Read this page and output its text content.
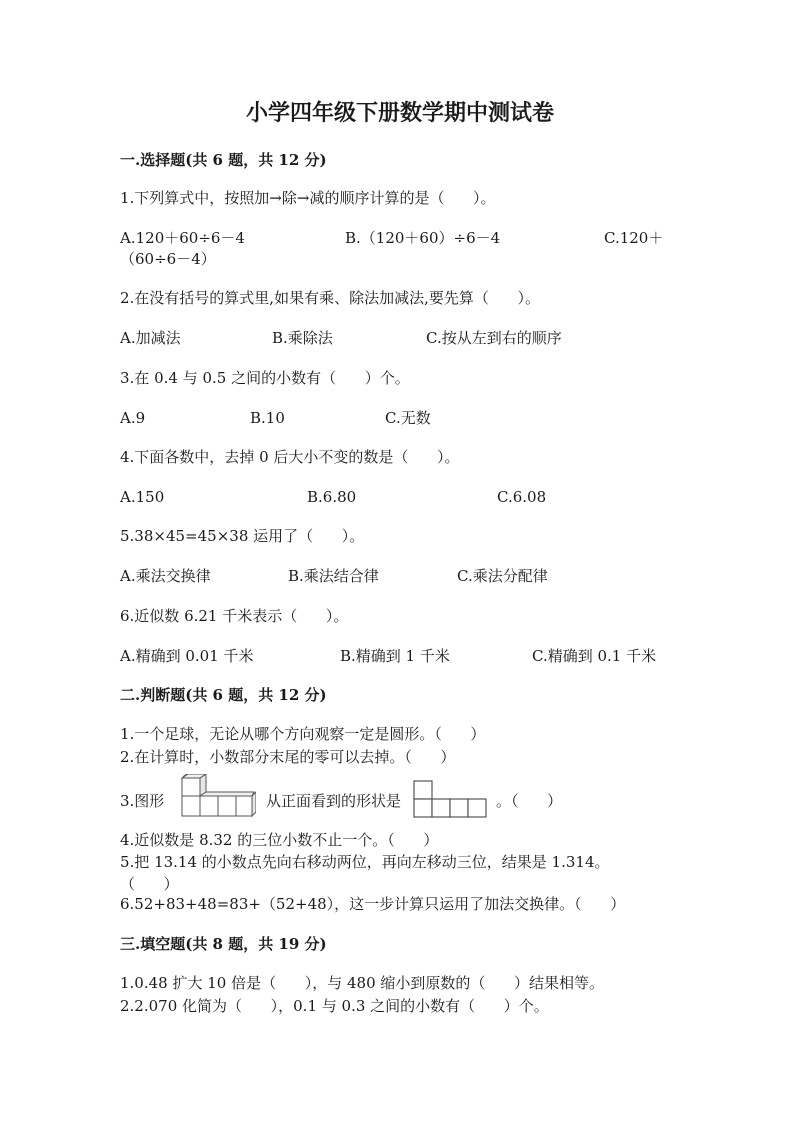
小学四年级下册数学期中测试卷
一.选择题(共 6 题，共 12 分)
1.下列算式中，按照加→除→减的顺序计算的是（      ）。
A.120＋60÷6－4	B.（120＋60）÷6－4	C.120＋
（60÷6－4）
2.在没有括号的算式里,如果有乘、除法加减法,要先算（      ）。
A.加减法	B.乘除法	C.按从左到右的顺序
3.在 0.4 与 0.5 之间的小数有（      ）个。
A.9	B.10	C.无数
4.下面各数中，去掉 0 后大小不变的数是（      ）。
A.150	B.6.80	C.6.08
5.38×45=45×38 运用了（      ）。
A.乘法交换律	B.乘法结合律	C.乘法分配律
6.近似数 6.21 千米表示（      ）。
A.精确到 0.01 千米	B.精确到 1 千米	C.精确到 0.1 千米
二.判断题(共 6 题，共 12 分)
1.一个足球，无论从哪个方向观察一定是圆形。（      ）
2.在计算时，小数部分末尾的零可以去掉。（      ）
3.图形	从正面看到的形状是	。（      ）
4.近似数是 8.32 的三位小数不止一个。（      ）
5.把 13.14 的小数点先向右移动两位，再向左移动三位，结果是 1.314。
（      ）
6.52+83+48=83+（52+48），这一步计算只运用了加法交换律。（      ）
三.填空题(共 8 题，共 19 分)
1.0.48 扩大 10 倍是（      ），与 480 缩小到原数的（      ）结果相等。
2.2.070 化简为（      ），0.1 与 0.3 之间的小数有（      ）个。
